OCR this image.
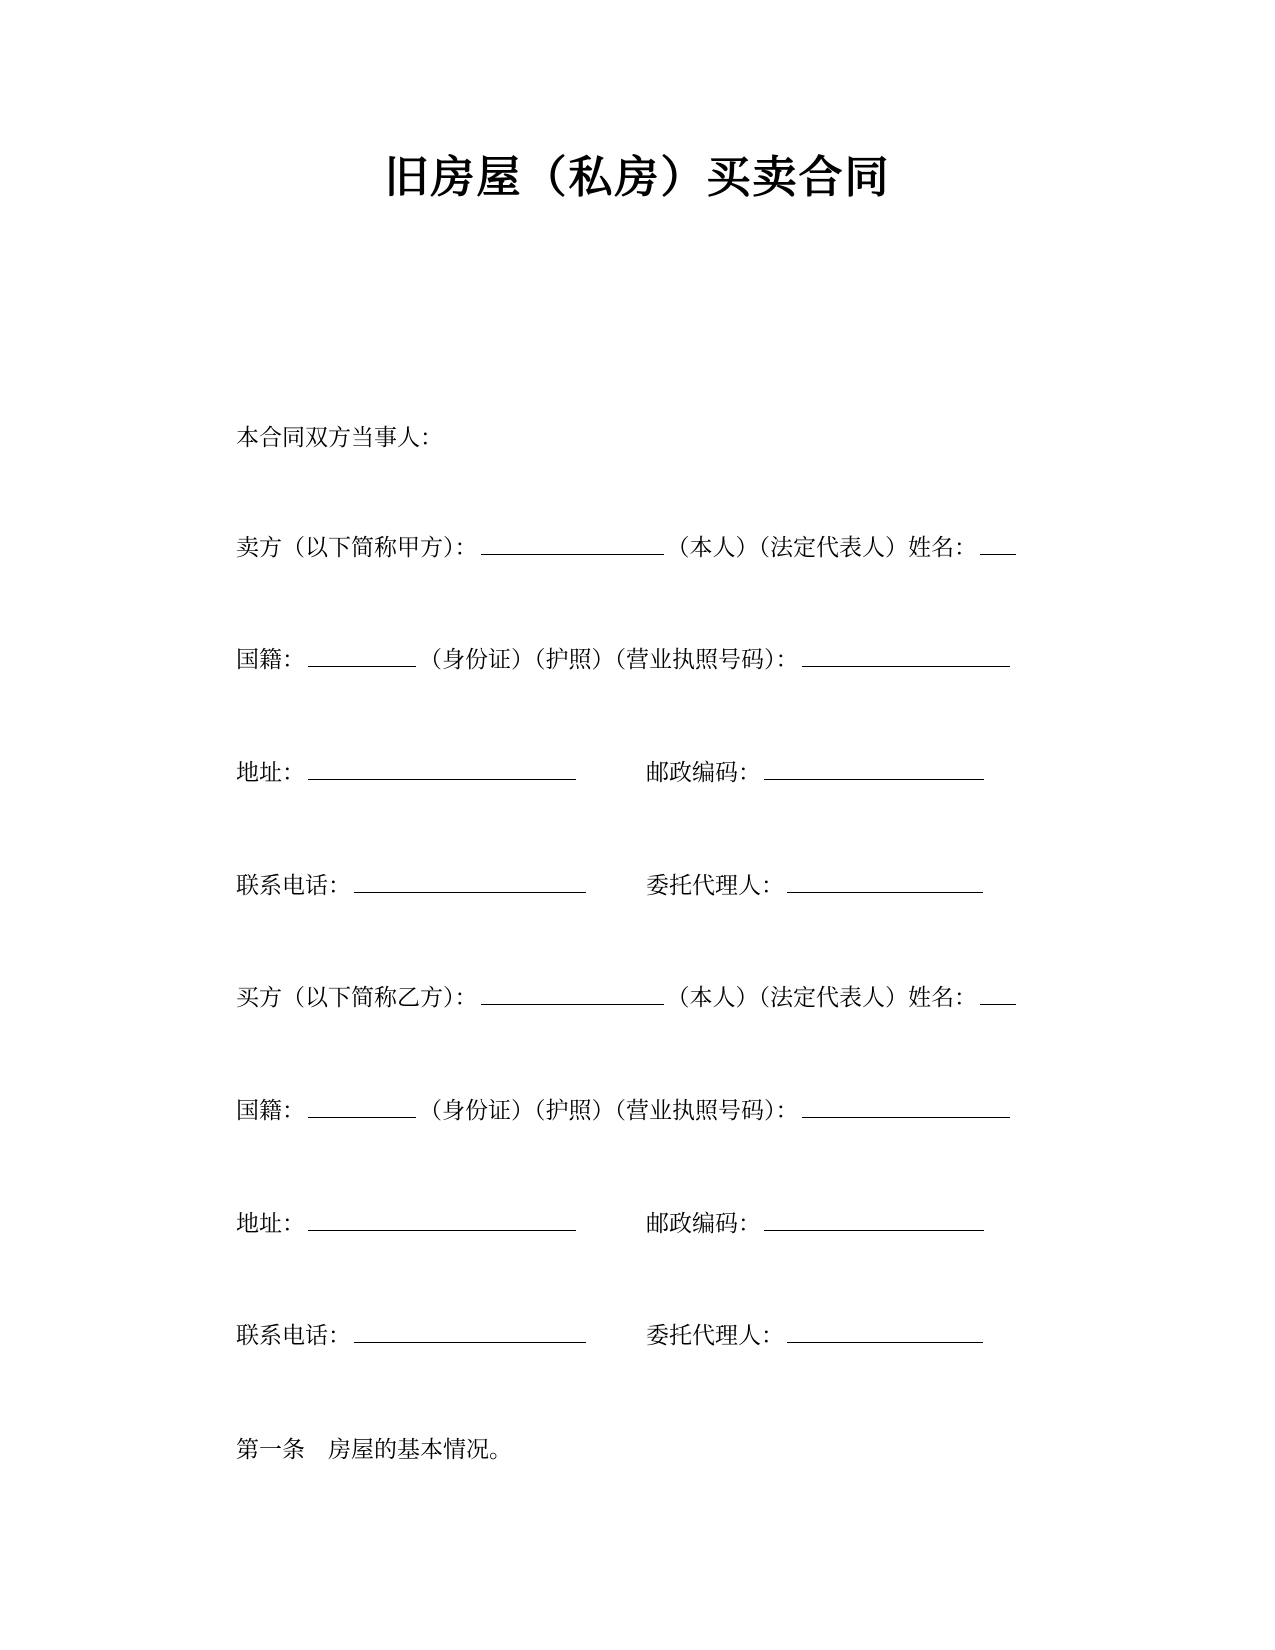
旧房屋（私房）买卖合同
本合同双方当事人：
卖方（以下简称甲方）：	（本人）（法定代表人）姓名：
国籍：	（身份证）（护照）（营业执照号码）：
地址：	邮政编码：
联系电话：	委托代理人：
买方（以下简称乙方）：	（本人）（法定代表人）姓名：
国籍：	（身份证）（护照）（营业执照号码）：
地址：	邮政编码：
联系电话：	委托代理人：
第一条　房屋的基本情况。
